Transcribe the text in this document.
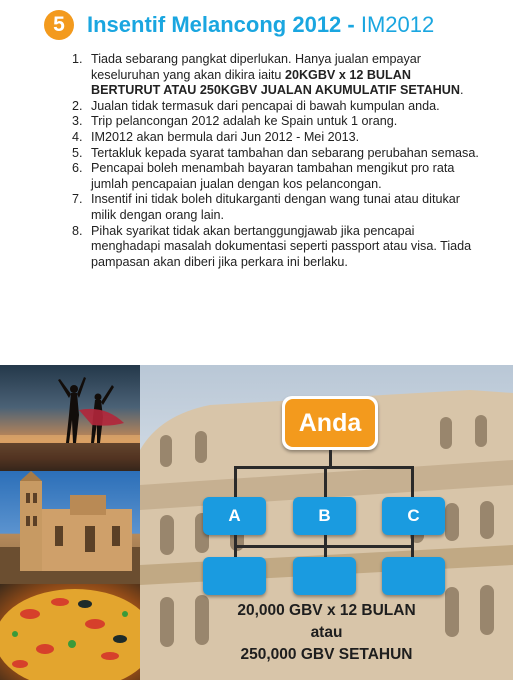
5	Insentif Melancong 2012 - IM2012
1. Tiada sebarang pangkat diperlukan. Hanya jualan empayar keseluruhan yang akan dikira iaitu 20KGBV x 12 BULAN BERTURUT ATAU 250KGBV JUALAN AKUMULATIF SETAHUN.
2. Jualan tidak termasuk dari pencapai di bawah kumpulan anda.
3. Trip pelancongan 2012 adalah ke Spain untuk 1 orang.
4. IM2012 akan bermula dari Jun 2012 - Mei 2013.
5. Tertakluk kepada syarat tambahan dan sebarang perubahan semasa.
6. Pencapai boleh menambah bayaran tambahan mengikut pro rata jumlah pencapaian jualan dengan kos pelancongan.
7. Insentif ini tidak boleh ditukarganti dengan wang tunai atau ditukar milik dengan orang lain.
8. Pihak syarikat tidak akan bertanggungjawab jika pencapai menghadapi masalah dokumentasi seperti passport atau visa. Tiada pampasan akan diberi jika perkara ini berlaku.
Anda
A	B	C
20,000 GBV x 12 BULAN
atau
250,000 GBV SETAHUN
